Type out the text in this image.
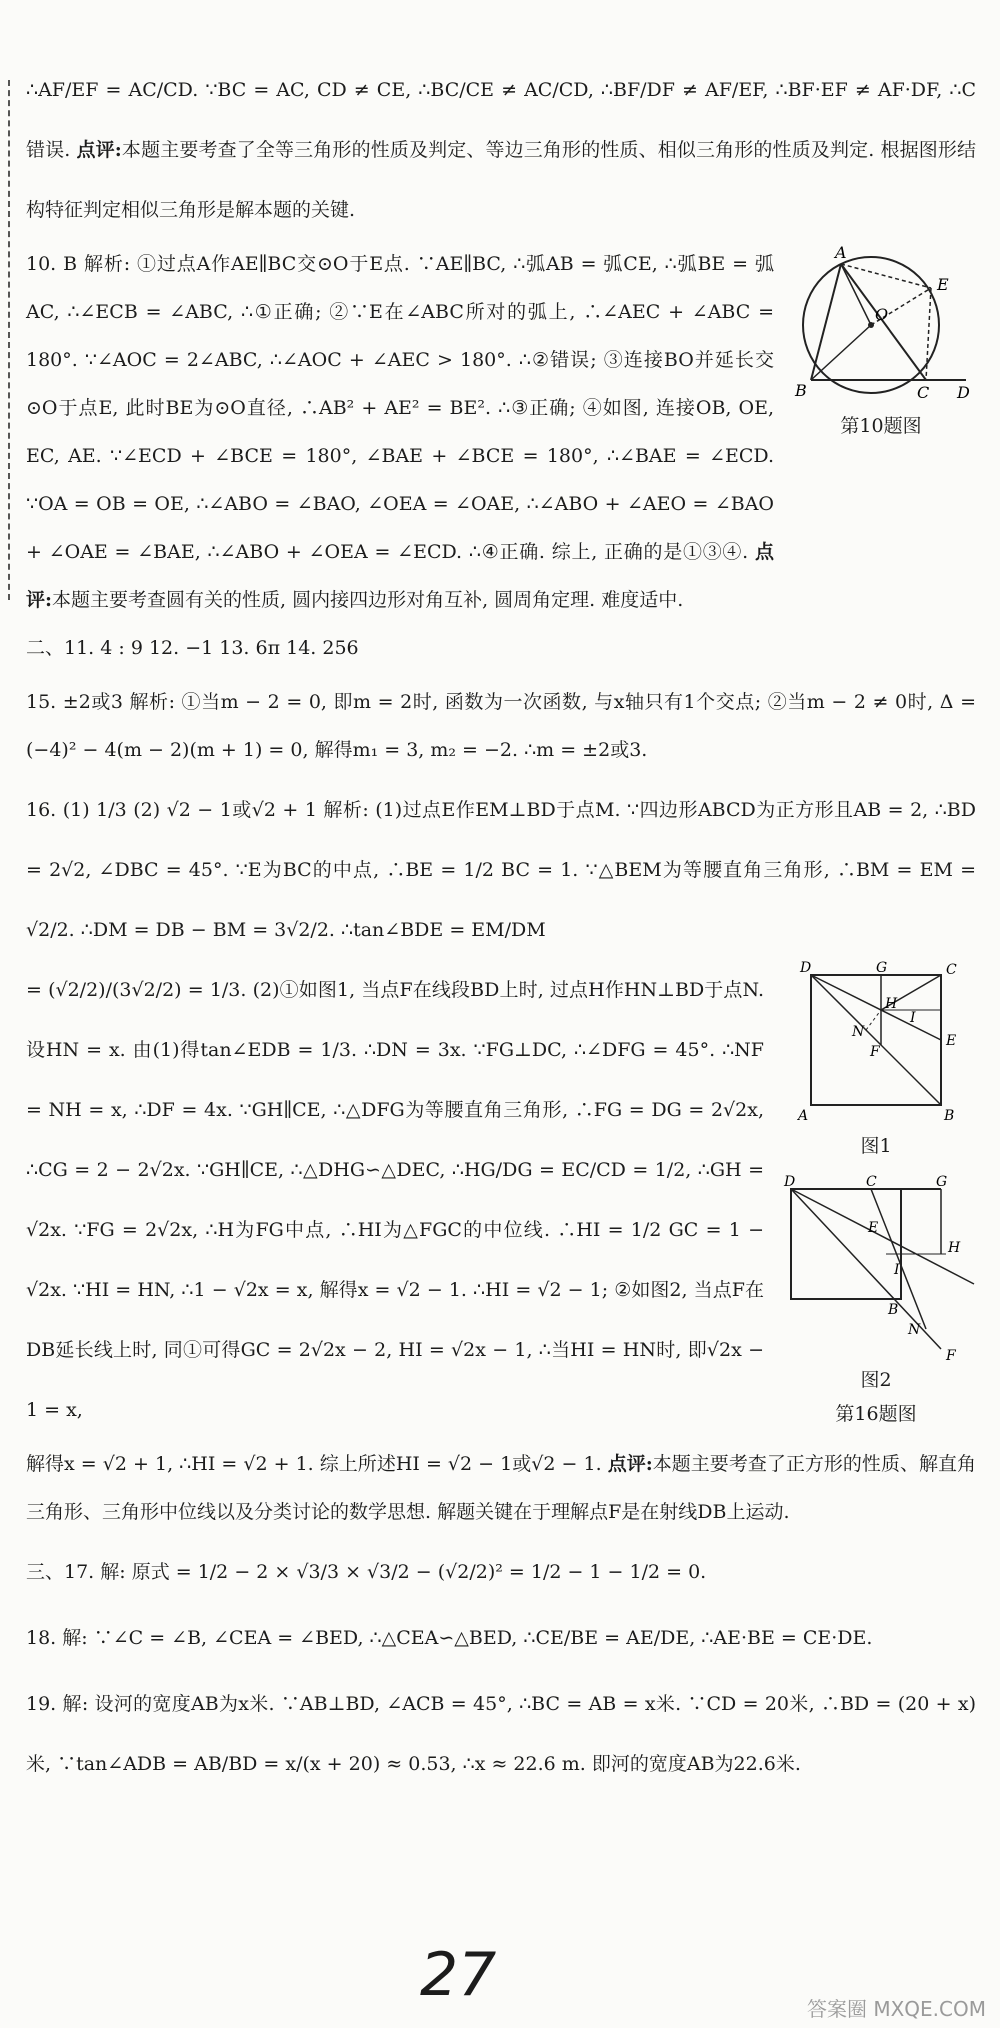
∴AF/EF = AC/CD. ∵BC = AC, CD ≠ CE, ∴BC/CE ≠ AC/CD, ∴BF/DF ≠ AF/EF, ∴BF·EF ≠ AF·DF, ∴C错误. 点评:本题主要考查了全等三角形的性质及判定、等边三角形的性质、相似三角形的性质及判定. 根据图形结构特征判定相似三角形是解本题的关键.

10. B 解析: ①过点A作AE∥BC交⊙O于E点. ∵AE∥BC, ∴弧AB = 弧CE, ∴弧BE = 弧AC, ∴∠ECB = ∠ABC, ∴①正确; ②∵E在∠ABC所对的弧上, ∴∠AEC + ∠ABC = 180°. ∵∠AOC = 2∠ABC, ∴∠AOC + ∠AEC > 180°. ∴②错误; ③连接BO并延长交⊙O于点E, 此时BE为⊙O直径, ∴AB² + AE² = BE². ∴③正确; ④如图, 连接OB, OE, EC, AE. ∵∠ECD + ∠BCE = 180°, ∠BAE + ∠BCE = 180°, ∴∠BAE = ∠ECD. ∵OA = OB = OE, ∴∠ABO = ∠BAO, ∠OEA = ∠OAE, ∴∠ABO + ∠AEO = ∠BAO + ∠OAE = ∠BAE, ∴∠ABO + ∠OEA = ∠ECD. ∴④正确. 综上, 正确的是①③④. 点评:本题主要考查圆有关的性质, 圆内接四边形对角互补, 圆周角定理. 难度适中.

A
E
O
B	C D
第10题图

二、11. 4 : 9 12. −1 13. 6π 14. 256

15. ±2或3 解析: ①当m − 2 = 0, 即m = 2时, 函数为一次函数, 与x轴只有1个交点; ②当m − 2 ≠ 0时, Δ = (−4)² − 4(m − 2)(m + 1) = 0, 解得m₁ = 3, m₂ = −2. ∴m = ±2或3.

16. (1) 1/3 (2) √2 − 1或√2 + 1 解析: (1)过点E作EM⊥BD于点M. ∵四边形ABCD为正方形且AB = 2, ∴BD = 2√2, ∠DBC = 45°. ∵E为BC的中点, ∴BE = 1/2 BC = 1. ∵△BEM为等腰直角三角形, ∴BM = EM = √2/2. ∴DM = DB − BM = 3√2/2. ∴tan∠BDE = EM/DM

= (√2/2)/(3√2/2) = 1/3. (2)①如图1, 当点F在线段BD上时, 过点H作HN⊥BD于点N. 设HN = x. 由(1)得tan∠EDB = 1/3. ∴DN = 3x. ∵FG⊥DC, ∴∠DFG = 45°. ∴NF = NH = x, ∴DF = 4x. ∵GH∥CE, ∴△DFG为等腰直角三角形, ∴FG = DG = 2√2x, ∴CG = 2 − 2√2x. ∵GH∥CE, ∴△DHG∽△DEC, ∴HG/DG = EC/CD = 1/2, ∴GH = √2x. ∵FG = 2√2x, ∴H为FG中点, ∴HI为△FGC的中位线. ∴HI = 1/2 GC = 1 − √2x. ∵HI = HN, ∴1 − √2x = x, 解得x = √2 − 1. ∴HI = √2 − 1; ②如图2, 当点F在DB延长线上时, 同①可得GC = 2√2x − 2, HI = √2x − 1, ∴当HI = HN时, 即√2x − 1 = x,

D	G	C
H
I
E
N
F
A	B
图1
D	C	G
E
H
I
B
N
F
图2
第16题图

解得x = √2 + 1, ∴HI = √2 + 1. 综上所述HI = √2 − 1或√2 − 1. 点评:本题主要考查了正方形的性质、解直角三角形、三角形中位线以及分类讨论的数学思想. 解题关键在于理解点F是在射线DB上运动.

三、17. 解: 原式 = 1/2 − 2 × √3/3 × √3/2 − (√2/2)² = 1/2 − 1 − 1/2 = 0.

18. 解: ∵∠C = ∠B, ∠CEA = ∠BED, ∴△CEA∽△BED, ∴CE/BE = AE/DE, ∴AE·BE = CE·DE.

19. 解: 设河的宽度AB为x米. ∵AB⊥BD, ∠ACB = 45°, ∴BC = AB = x米. ∵CD = 20米, ∴BD = (20 + x)米, ∵tan∠ADB = AB/BD = x/(x + 20) ≈ 0.53, ∴x ≈ 22.6 m. 即河的宽度AB为22.6米.

27	答案圈 MXQE.COM
